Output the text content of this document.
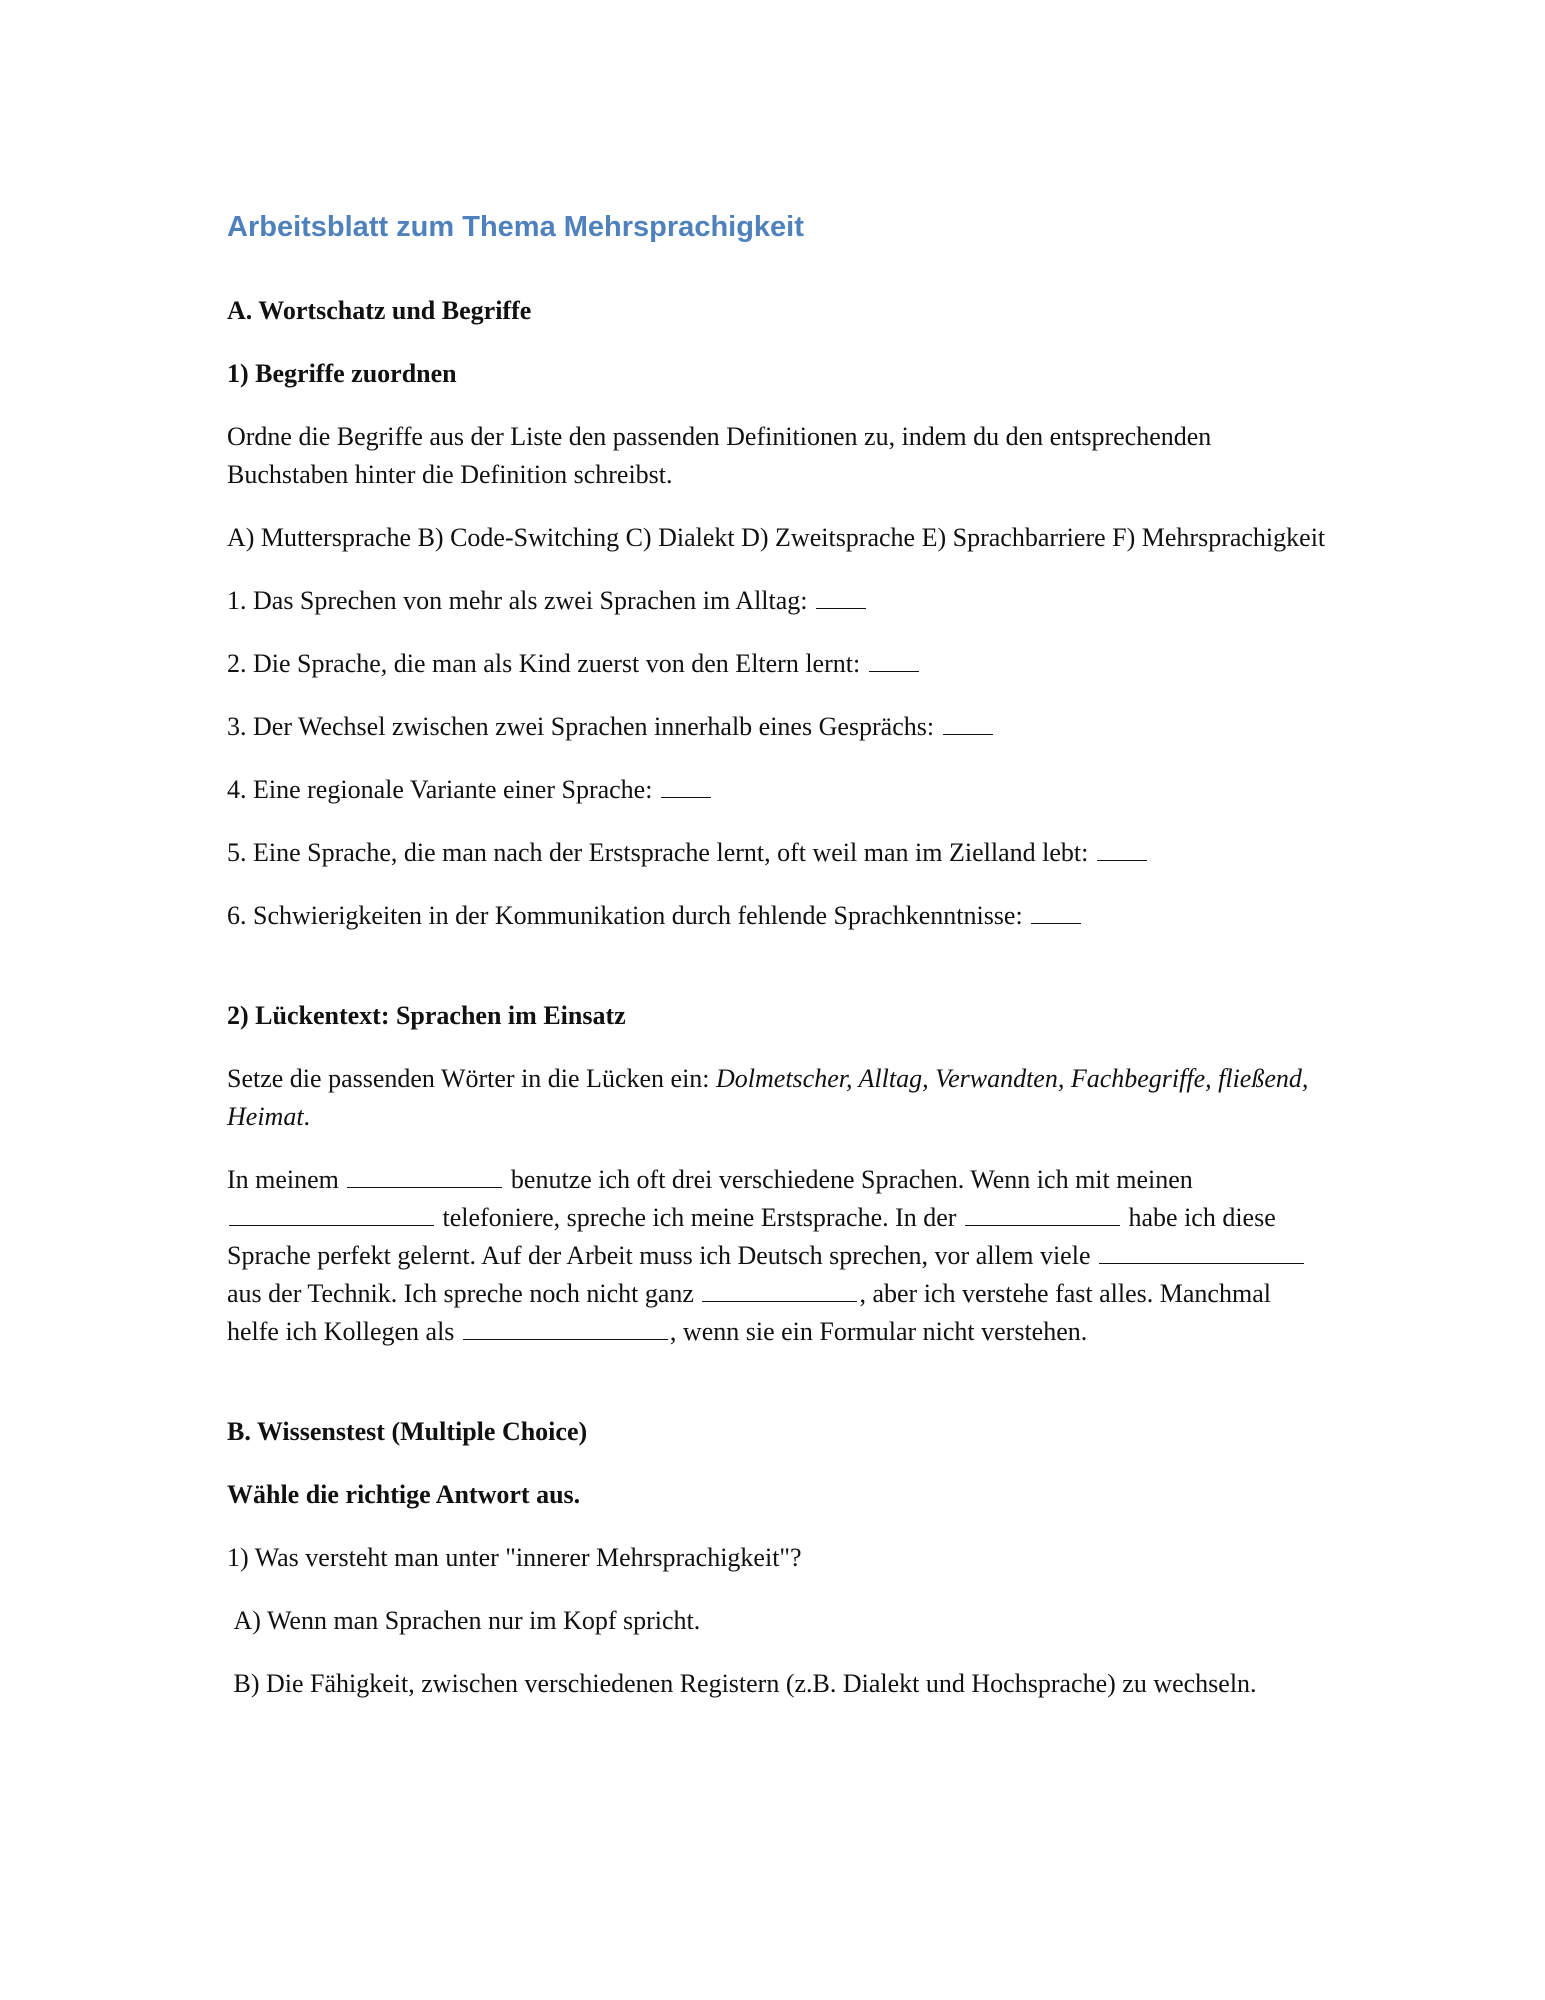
Arbeitsblatt zum Thema Mehrsprachigkeit
A. Wortschatz und Begriffe
1) Begriffe zuordnen

Ordne die Begriffe aus der Liste den passenden Definitionen zu, indem du den entsprechenden Buchstaben hinter die Definition schreibst.

A) Muttersprache B) Code-Switching C) Dialekt D) Zweitsprache E) Sprachbarriere F) Mehrsprachigkeit

1. Das Sprechen von mehr als zwei Sprachen im Alltag:

2. Die Sprache, die man als Kind zuerst von den Eltern lernt:

3. Der Wechsel zwischen zwei Sprachen innerhalb eines Gesprächs:

4. Eine regionale Variante einer Sprache:

5. Eine Sprache, die man nach der Erstsprache lernt, oft weil man im Zielland lebt:

6. Schwierigkeiten in der Kommunikation durch fehlende Sprachkenntnisse:

2) Lückentext: Sprachen im Einsatz

Setze die passenden Wörter in die Lücken ein: Dolmetscher, Alltag, Verwandten, Fachbegriffe, fließend, Heimat.

In meinem	benutze ich oft drei verschiedene Sprachen. Wenn ich mit meinen  telefoniere, spreche ich meine Erstsprache. In der	habe ich diese Sprache perfekt gelernt. Auf der Arbeit muss ich Deutsch sprechen, vor allem viele  aus der Technik. Ich spreche noch nicht ganz	, aber ich verstehe fast alles. Manchmal helfe ich Kollegen als	, wenn sie ein Formular nicht verstehen.

B. Wissenstest (Multiple Choice)
Wähle die richtige Antwort aus.

1) Was versteht man unter "innerer Mehrsprachigkeit"?

A) Wenn man Sprachen nur im Kopf spricht.

B) Die Fähigkeit, zwischen verschiedenen Registern (z.B. Dialekt und Hochsprache) zu wechseln.
